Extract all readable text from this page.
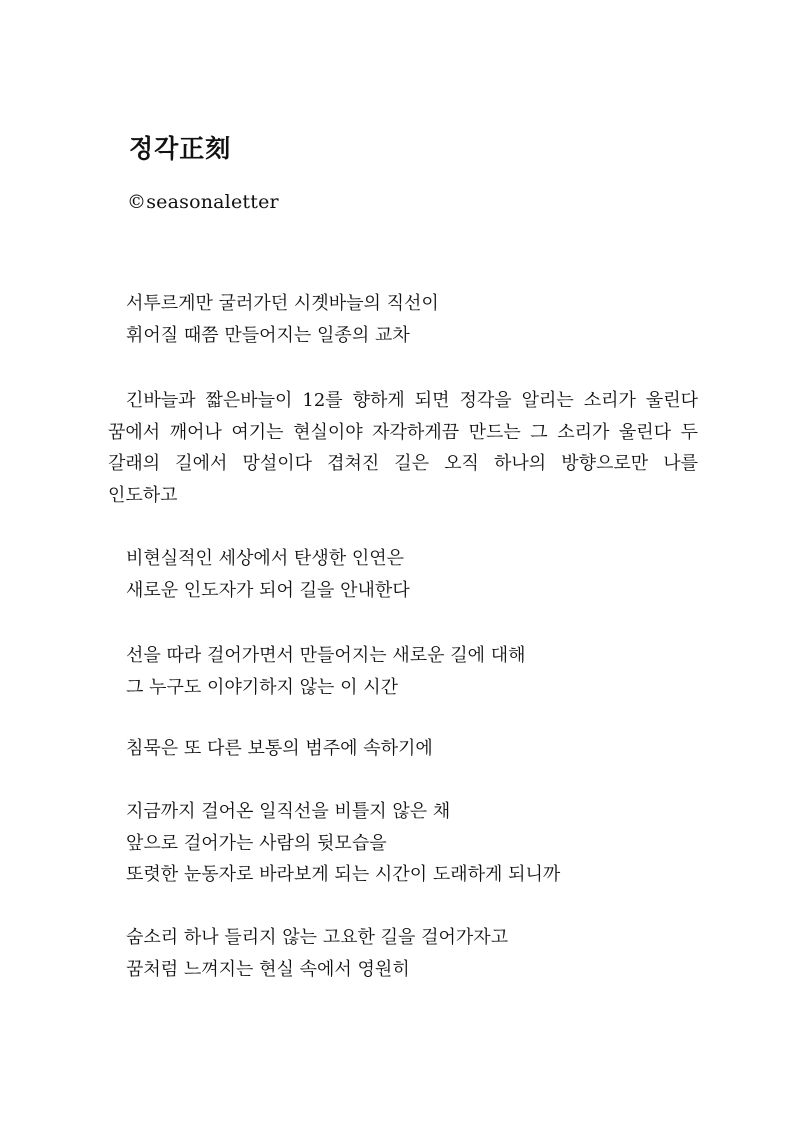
정각正刻
©seasonaletter
서투르게만 굴러가던 시곗바늘의 직선이
휘어질 때쯤 만들어지는 일종의 교차
긴바늘과 짧은바늘이 12를 향하게 되면 정각을 알리는 소리가 울린다 꿈에서 깨어나 여기는 현실이야 자각하게끔 만드는 그 소리가 울린다 두 갈래의 길에서 망설이다 겹쳐진 길은 오직 하나의 방향으로만 나를 인도하고
비현실적인 세상에서 탄생한 인연은
새로운 인도자가 되어 길을 안내한다
선을 따라 걸어가면서 만들어지는 새로운 길에 대해
그 누구도 이야기하지 않는 이 시간
침묵은 또 다른 보통의 범주에 속하기에
지금까지 걸어온 일직선을 비틀지 않은 채
앞으로 걸어가는 사람의 뒷모습을
또렷한 눈동자로 바라보게 되는 시간이 도래하게 되니까
숨소리 하나 들리지 않는 고요한 길을 걸어가자고
꿈처럼 느껴지는 현실 속에서 영원히
